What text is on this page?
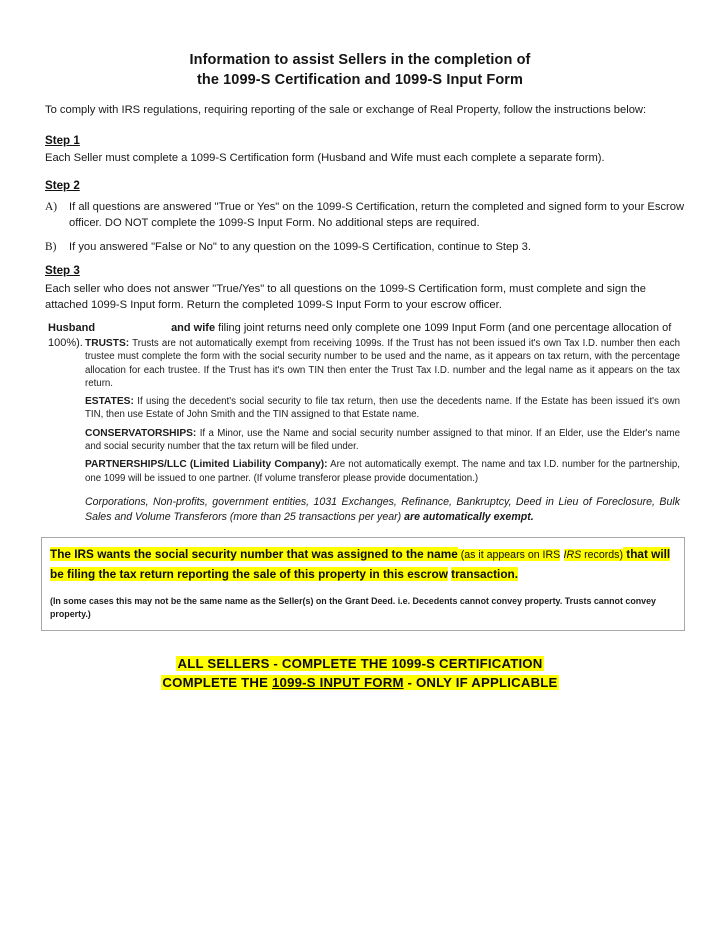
Information to assist Sellers in the completion of
the 1099-S Certification and 1099-S Input Form
To comply with IRS regulations, requiring reporting of the sale or exchange of Real Property, follow the instructions below:
Step 1
Each Seller must complete a 1099-S Certification form (Husband and Wife must each complete a separate form).
Step 2
A)	If all questions are answered "True or Yes" on the 1099-S Certification, return the completed and signed form to your Escrow officer. DO NOT complete the 1099-S Input Form. No additional steps are required.
B)	If you answered "False or No" to any question on the 1099-S Certification, continue to Step 3.
Step 3
Each seller who does not answer "True/Yes" to all questions on the 1099-S Certification form, must complete and sign the attached 1099-S Input form. Return the completed 1099-S Input Form to your escrow officer.
Husband	and wife filing joint returns need only complete one 1099 Input Form (and one percentage allocation of 100%). TRUSTS: Trusts are not automatically exempt from receiving 1099s. If the Trust has not been issued it's own Tax I.D. number then each trustee must complete the form with the social security number to be used and the name, as it appears on tax return, with the percentage allocation for each trustee. If the Trust has it's own TIN then enter the Trust Tax I.D. number and the legal name as it appears on the tax return.

ESTATES: If using the decedent's social security to file tax return, then use the decedents name. If the Estate has been issued it's own TIN, then use Estate of John Smith and the TIN assigned to that Estate name.

CONSERVATORSHIPS: If a Minor, use the Name and social security number assigned to that minor. If an Elder, use the Elder's name and social security number that the tax return will be filed under.

PARTNERSHIPS/LLC (Limited Liability Company): Are not automatically exempt. The name and tax I.D. number for the partnership, one 1099 will be issued to one partner. (If volume transferor please provide documentation.)

Corporations, Non-profits, government entities, 1031 Exchanges, Refinance, Bankruptcy, Deed in Lieu of Foreclosure, Bulk Sales and Volume Transferors (more than 25 transactions per year) are automatically exempt.

The IRS wants the social security number that was assigned to the name (as it appears on IRS IRS records) that will be filing the tax return reporting the sale of this property in this escrow transaction.

(In some cases this may not be the same name as the Seller(s) on the Grant Deed. i.e. Decedents cannot convey property. Trusts cannot convey property.)

ALL SELLERS - COMPLETE THE 1099-S CERTIFICATION
COMPLETE THE 1099-S INPUT FORM - ONLY IF APPLICABLE
